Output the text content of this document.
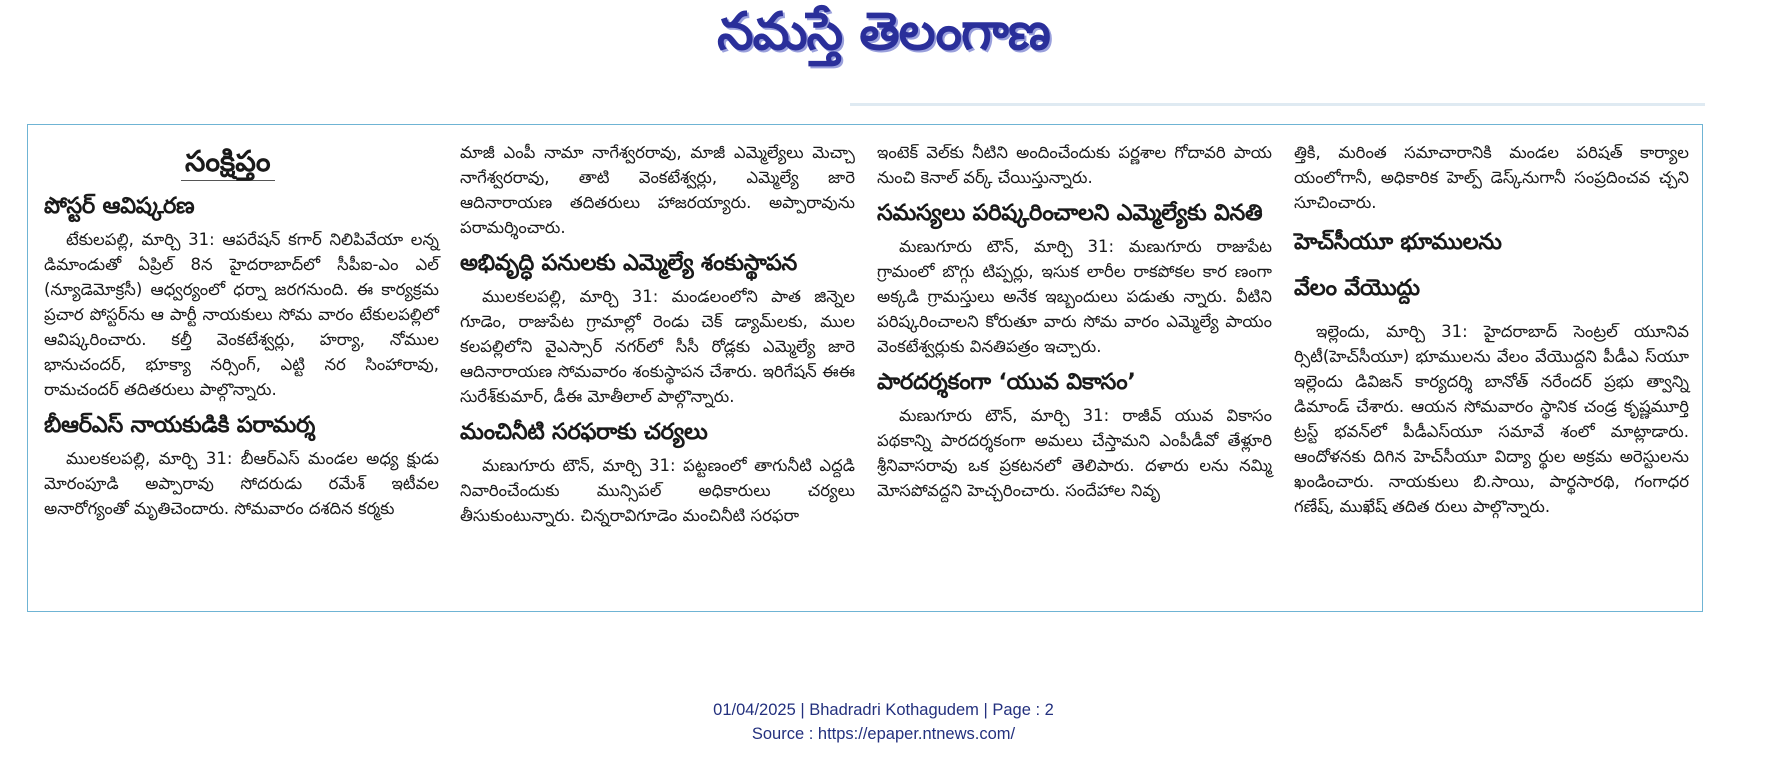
నమస్తే తెలంగాణ
సంక్షిప్తం
పోస్టర్ ఆవిష్కరణ

టేకులపల్లి, మార్చి 31: ఆపరేషన్ కగార్ నిలిపివేయా లన్న డిమాండుతో ఏప్రిల్ 8న హైదరాబాద్‌లో సీపీఐ-ఎం ఎల్ (న్యూడెమోక్రసీ) ఆధ్వర్యంలో ధర్నా జరగనుంది. ఈ కార్యక్రమ ప్రచార పోస్టర్‌ను ఆ పార్టీ నాయకులు సోమ వారం టేకులపల్లిలో ఆవిష్కరించారు. కల్తీ వెంకటేశ్వర్లు, హర్యా, నోముల భానుచందర్, భూక్యా నర్సింగ్, ఎట్టి నర సింహారావు, రామచందర్ తదితరులు పాల్గొన్నారు.

బీఆర్‌ఎస్ నాయకుడికి పరామర్శ

ములకలపల్లి, మార్చి 31: బీఆర్‌ఎస్ మండల అధ్య క్షుడు మోరంపూడి అప్పారావు సోదరుడు రమేశ్ ఇటీవల అనారోగ్యంతో మృతిచెందారు. సోమవారం దశదిన కర్మకు

మాజీ ఎంపీ నామా నాగేశ్వరరావు, మాజీ ఎమ్మెల్యేలు మెచ్చా నాగేశ్వరరావు, తాటి వెంకటేశ్వర్లు, ఎమ్మెల్యే జారె ఆదినారాయణ తదితరులు హాజరయ్యారు. అప్పారావును పరామర్శించారు.

అభివృద్ధి పనులకు ఎమ్మెల్యే శంకుస్థాపన

ములకలపల్లి, మార్చి 31: మండలంలోని పాత జిన్నెల గూడెం, రాజుపేట గ్రామాల్లో రెండు చెక్ డ్యామ్‌లకు, ముల కలపల్లిలోని వైఎస్సార్ నగర్‌లో సీసీ రోడ్లకు ఎమ్మెల్యే జారె ఆదినారాయణ సోమవారం శంకుస్థాపన చేశారు. ఇరిగేషన్ ఈఈ సురేశ్‌కుమార్, డీఈ మోతీలాల్ పాల్గొన్నారు.

మంచినీటి సరఫరాకు చర్యలు

మణుగూరు టౌన్, మార్చి 31: పట్టణంలో తాగునీటి ఎద్దడి నివారించేందుకు మున్సిపల్ అధికారులు చర్యలు తీసుకుంటున్నారు. చిన్నరావిగూడెం మంచినీటి సరఫరా

ఇంటెక్ వెల్‌కు నీటిని అందించేందుకు పర్ణశాల గోదావరి పాయ నుంచి కెనాల్ వర్క్ చేయిస్తున్నారు.

సమస్యలు పరిష్కరించాలని ఎమ్మెల్యేకు వినతి

మణుగూరు టౌన్, మార్చి 31: మణుగూరు రాజుపేట గ్రామంలో బొగ్గు టిప్పర్లు, ఇసుక లారీల రాకపోకల కార ణంగా అక్కడి గ్రామస్తులు అనేక ఇబ్బందులు పడుతు న్నారు. వీటిని పరిష్కరించాలని కోరుతూ వారు సోమ వారం ఎమ్మెల్యే పాయం వెంకటేశ్వర్లుకు వినతిపత్రం ఇచ్చారు.

పారదర్శకంగా ‘యువ వికాసం’

మణుగూరు టౌన్, మార్చి 31: రాజీవ్ యువ వికాసం పథకాన్ని పారదర్శకంగా అమలు చేస్తామని ఎంపీడీవో తేళ్లూరి శ్రీనివాసరావు ఒక ప్రకటనలో తెలిపారు. దళారు లను నమ్మి మోసపోవద్దని హెచ్చరించారు. సందేహాల నివృ

త్తికి, మరింత సమాచారానికి మండల పరిషత్ కార్యాల యంలోగానీ, అధికారిక హెల్ప్ డెస్క్‌నుగానీ సంప్రదించవ చ్చని సూచించారు.

హెచ్‌సీయూ భూములను
వేలం వేయొద్దు

ఇల్లెందు, మార్చి 31: హైదరాబాద్ సెంట్రల్ యూనివ ర్సిటీ(హెచ్‌సీయూ) భూములను వేలం వేయొద్దని పీడీఎ స్‌యూ ఇల్లెందు డివిజన్ కార్యదర్శి బానోత్ నరేందర్ ప్రభు త్వాన్ని డిమాండ్ చేశారు. ఆయన సోమవారం స్థానిక చండ్ర కృష్ణమూర్తి ట్రస్ట్ భవన్‌లో పీడీఎస్‌యూ సమావే శంలో మాట్లాడారు. ఆందోళనకు దిగిన హెచ్‌సీయూ విద్యా ర్థుల అక్రమ అరెస్టులను ఖండించారు. నాయకులు బి.సాయి, పార్థసారథి, గంగాధర గణేష్, ముఖేష్ తదిత రులు పాల్గొన్నారు.

01/04/2025 | Bhadradri Kothagudem | Page : 2
Source : https://epaper.ntnews.com/
